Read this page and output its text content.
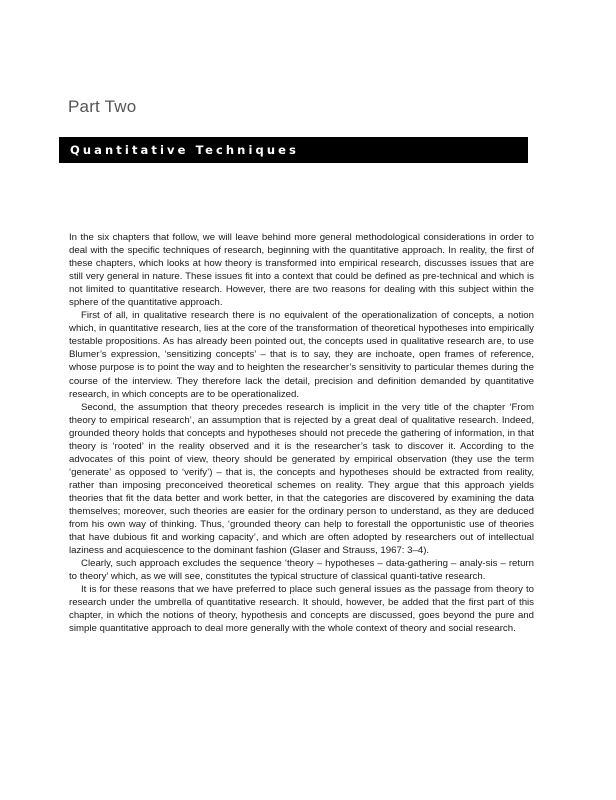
Part Two
Quantitative Techniques

In the six chapters that follow, we will leave behind more general methodological considerations in order to deal with the specific techniques of research, beginning with the quantitative approach. In reality, the first of these chapters, which looks at how theory is transformed into empirical research, discusses issues that are still very general in nature. These issues fit into a context that could be defined as pre-technical and which is not limited to quantitative research. However, there are two reasons for dealing with this subject within the sphere of the quantitative approach.

First of all, in qualitative research there is no equivalent of the operationalization of concepts, a notion which, in quantitative research, lies at the core of the transformation of theoretical hypotheses into empirically testable propositions. As has already been pointed out, the concepts used in qualitative research are, to use Blumer’s expression, ‘sensitizing concepts’ – that is to say, they are inchoate, open frames of reference, whose purpose is to point the way and to heighten the researcher’s sensitivity to particular themes during the course of the interview. They therefore lack the detail, precision and definition demanded by quantitative research, in which concepts are to be operationalized.

Second, the assumption that theory precedes research is implicit in the very title of the chapter ‘From theory to empirical research’, an assumption that is rejected by a great deal of qualitative research. Indeed, grounded theory holds that concepts and hypotheses should not precede the gathering of information, in that theory is ‘rooted’ in the reality observed and it is the researcher’s task to discover it. According to the advocates of this point of view, theory should be generated by empirical observation (they use the term ‘generate’ as opposed to ‘verify’) – that is, the concepts and hypotheses should be extracted from reality, rather than imposing preconceived theoretical schemes on reality. They argue that this approach yields theories that fit the data better and work better, in that the categories are discovered by examining the data themselves; moreover, such theories are easier for the ordinary person to understand, as they are deduced from his own way of thinking. Thus, ‘grounded theory can help to forestall the opportunistic use of theories that have dubious fit and working capacity’, and which are often adopted by researchers out of intellectual laziness and acquiescence to the dominant fashion (Glaser and Strauss, 1967: 3–4).

Clearly, such approach excludes the sequence ‘theory – hypotheses – data-gathering – analy-sis – return to theory’ which, as we will see, constitutes the typical structure of classical quanti-tative research.

It is for these reasons that we have preferred to place such general issues as the passage from theory to research under the umbrella of quantitative research. It should, however, be added that the first part of this chapter, in which the notions of theory, hypothesis and concepts are discussed, goes beyond the pure and simple quantitative approach to deal more generally with the whole context of theory and social research.
